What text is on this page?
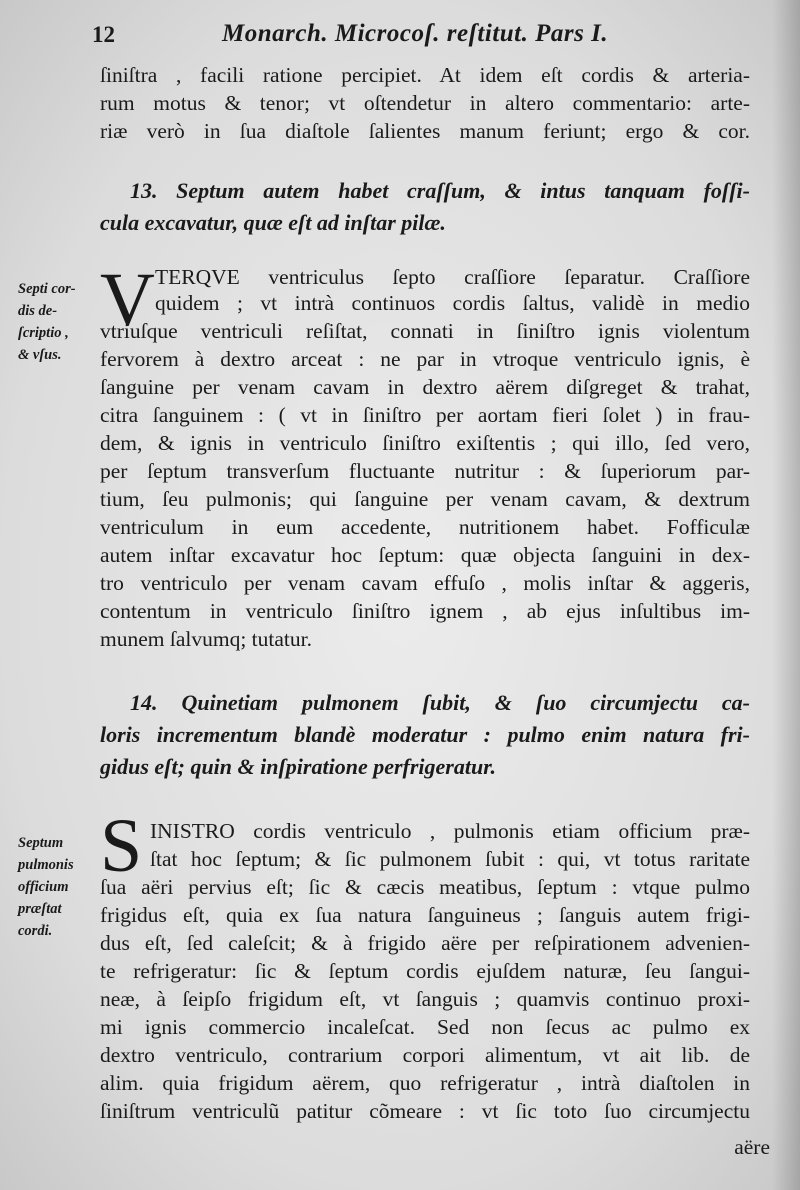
12	Monarch. Microcoſ. reſtitut. Pars I.
ſiniſtra , facili ratione percipiet. At idem eſt cordis & arteria-
rum motus & tenor; vt oſtendetur in altero commentario: arte-
riæ verò in ſua diaſtole ſalientes manum feriunt; ergo & cor.
13. Septum autem habet craſſum, & intus tanquam foſſi-
cula excavatur, quæ eſt ad inſtar pilæ.
Septi cor-
dis de-
ſcriptio ,
& vſus.
V TERQVE ventriculus ſepto craſſiore ſeparatur. Craſſiore
quidem ; vt intrà continuos cordis ſaltus, validè in medio
vtriuſque ventriculi reſiſtat, connati in ſiniſtro ignis violentum
fervorem à dextro arceat : ne par in vtroque ventriculo ignis, è
ſanguine per venam cavam in dextro aërem diſgreget & trahat,
citra ſanguinem : ( vt in ſiniſtro per aortam fieri ſolet ) in frau-
dem, & ignis in ventriculo ſiniſtro exiſtentis ; qui illo, ſed vero,
per ſeptum transverſum fluctuante nutritur : & ſuperiorum par-
tium, ſeu pulmonis; qui ſanguine per venam cavam, & dextrum
ventriculum in eum accedente, nutritionem habet. Fofficulæ
autem inſtar excavatur hoc ſeptum: quæ objecta ſanguini in dex-
tro ventriculo per venam cavam effuſo , molis inſtar & aggeris,
contentum in ventriculo ſiniſtro ignem , ab ejus inſultibus im-
munem ſalvumq; tutatur.
14. Quinetiam pulmonem ſubit, & ſuo circumjectu ca-
loris incrementum blandè moderatur : pulmo enim natura fri-
gidus eſt; quin & inſpiratione perfrigeratur.
Septum
pulmonis
officium
præſtat
cordi.
S INISTRO cordis ventriculo , pulmonis etiam officium præ-
ſtat hoc ſeptum; & ſic pulmonem ſubit : qui, vt totus raritate
ſua aëri pervius eſt; ſic & cæcis meatibus, ſeptum : vtque pulmo
frigidus eſt, quia ex ſua natura ſanguineus ; ſanguis autem frigi-
dus eſt, ſed caleſcit; & à frigido aëre per reſpirationem advenien-
te refrigeratur: ſic & ſeptum cordis ejuſdem naturæ, ſeu ſangui-
neæ, à ſeipſo frigidum eſt, vt ſanguis ; quamvis continuo proxi-
mi ignis commercio incaleſcat. Sed non ſecus ac pulmo ex
dextro ventriculo, contrarium corpori alimentum, vt ait lib. de
alim. quia frigidum aërem, quo refrigeratur , intrà diaſtolen in
ſiniſtrum ventriculũ patitur cõmeare : vt ſic toto ſuo circumjectu
aëre
